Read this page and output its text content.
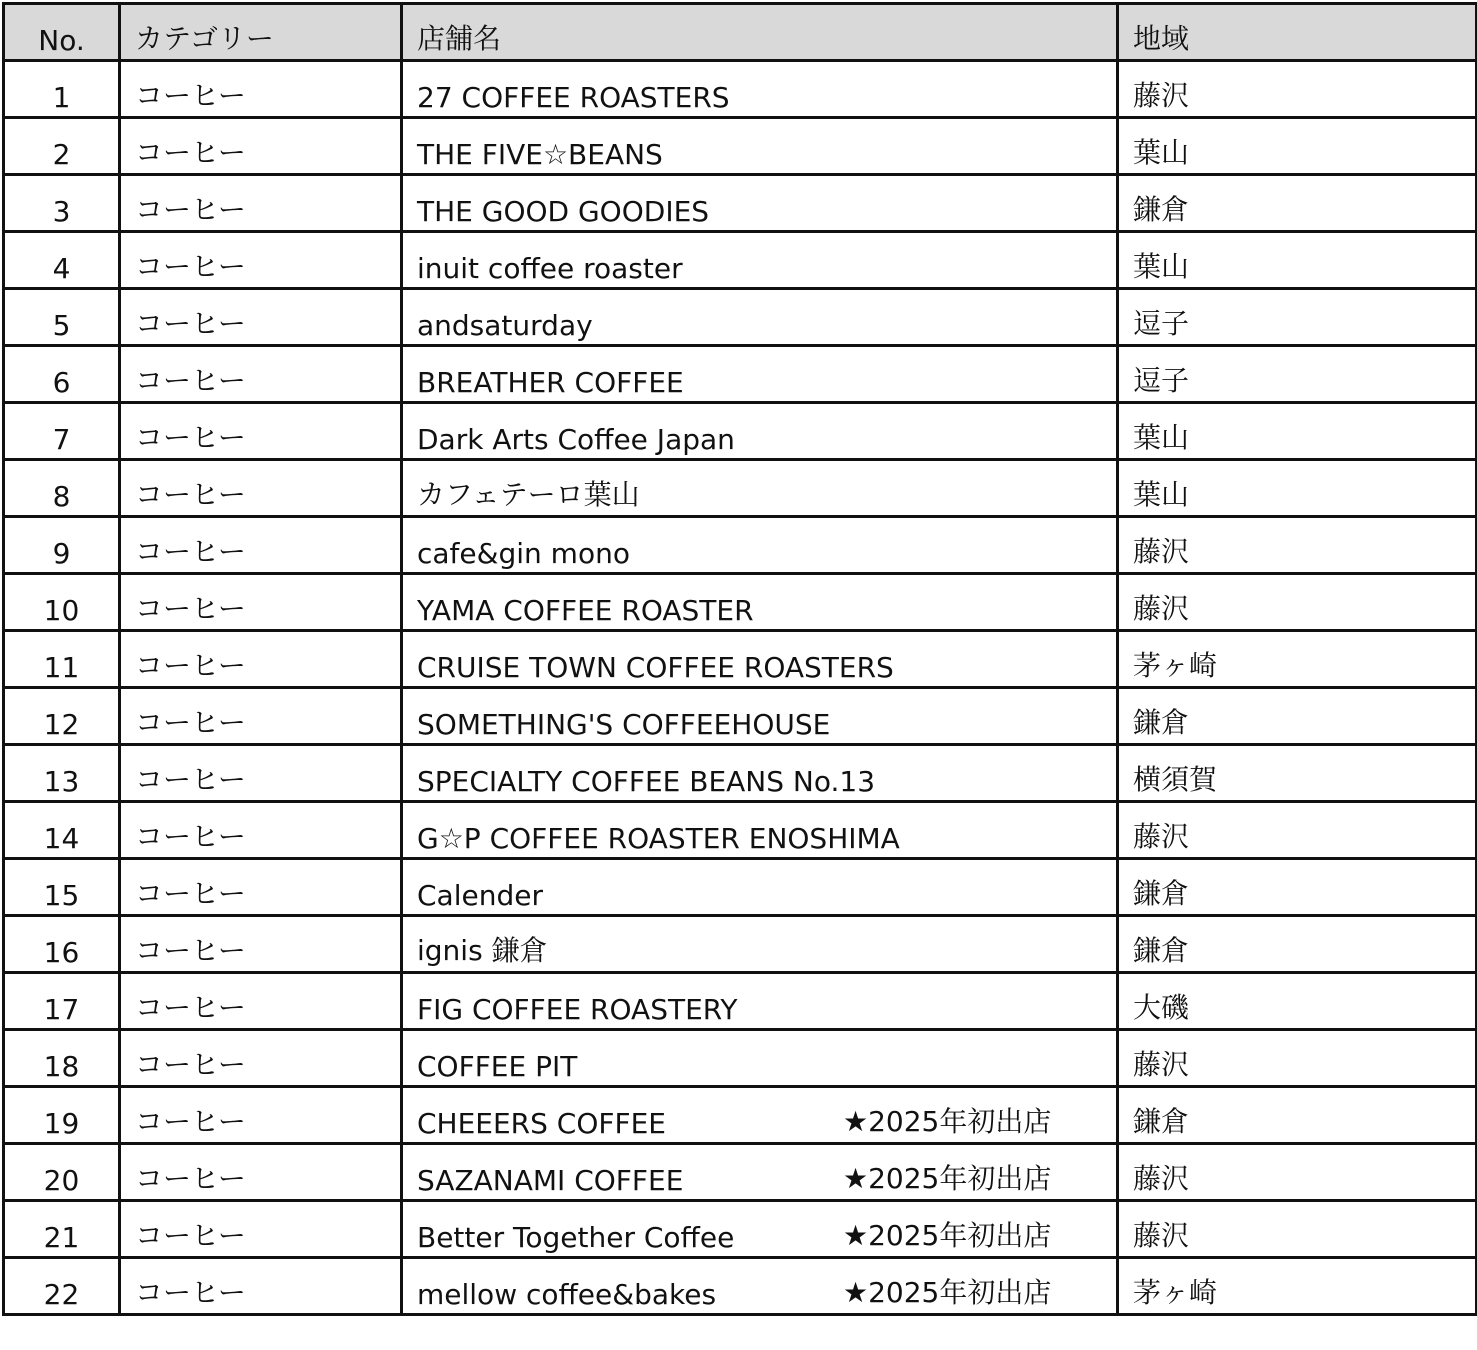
No.	カテゴリー	店舗名	地域
1	コーヒー	27 COFFEE ROASTERS	藤沢
2	コーヒー	THE FIVE☆BEANS	葉山
3	コーヒー	THE GOOD GOODIES	鎌倉
4	コーヒー	inuit coffee roaster	葉山
5	コーヒー	andsaturday	逗子
6	コーヒー	BREATHER COFFEE	逗子
7	コーヒー	Dark Arts Coffee Japan	葉山
8	コーヒー	カフェテーロ葉山	葉山
9	コーヒー	cafe&gin mono	藤沢
10	コーヒー	YAMA COFFEE ROASTER	藤沢
11	コーヒー	CRUISE TOWN COFFEE ROASTERS	茅ヶ崎
12	コーヒー	SOMETHING'S COFFEEHOUSE	鎌倉
13	コーヒー	SPECIALTY COFFEE BEANS No.13	横須賀
14	コーヒー	G☆P COFFEE ROASTER ENOSHIMA	藤沢
15	コーヒー	Calender	鎌倉
16	コーヒー	ignis 鎌倉	鎌倉
17	コーヒー	FIG COFFEE ROASTERY	大磯
18	コーヒー	COFFEE PIT	藤沢
19	コーヒー	CHEEERS COFFEE ★2025年初出店	鎌倉
20	コーヒー	SAZANAMI COFFEE ★2025年初出店	藤沢
21	コーヒー	Better Together Coffee ★2025年初出店	藤沢
22	コーヒー	mellow coffee&bakes ★2025年初出店	茅ヶ崎
